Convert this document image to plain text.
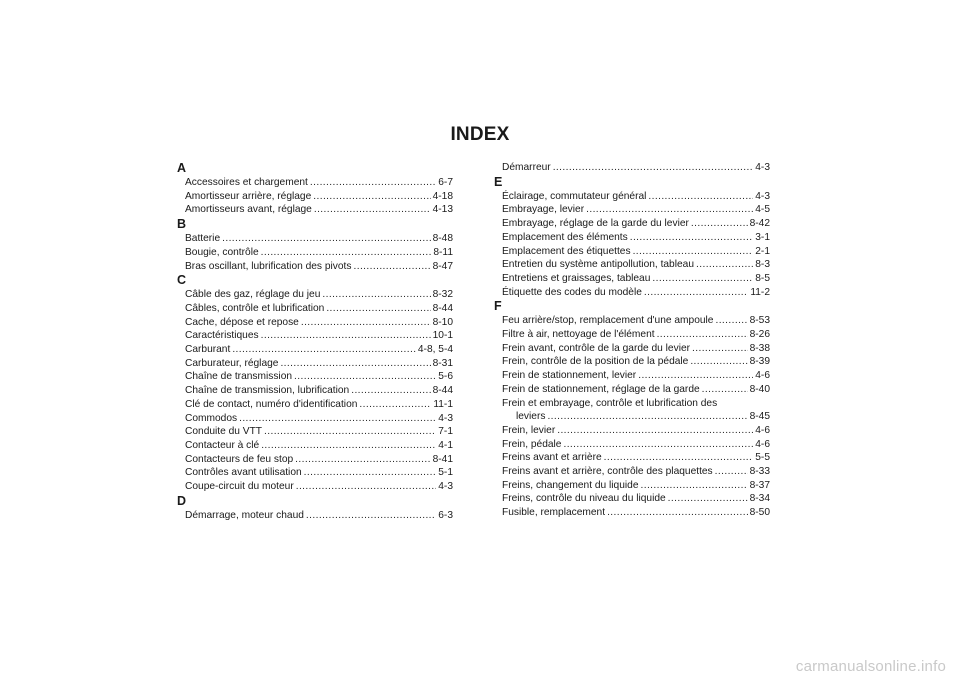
INDEX
A
Accessoires et chargement .....	6-7
Amortisseur arrière, réglage .....	4-18
Amortisseurs avant, réglage .....	4-13
B
Batterie .....	8-48
Bougie, contrôle .....	8-11
Bras oscillant, lubrification des pivots .....	8-47
C
Câble des gaz, réglage du jeu .....	8-32
Câbles, contrôle et lubrification .....	8-44
Cache, dépose et repose .....	8-10
Caractéristiques .....	10-1
Carburant .....	4-8, 5-4
Carburateur, réglage .....	8-31
Chaîne de transmission .....	5-6
Chaîne de transmission, lubrification .....	8-44
Clé de contact, numéro d'identification .....	11-1
Commodos .....	4-3
Conduite du VTT .....	7-1
Contacteur à clé .....	4-1
Contacteurs de feu stop .....	8-41
Contrôles avant utilisation .....	5-1
Coupe-circuit du moteur .....	4-3
D
Démarrage, moteur chaud .....	6-3
Démarreur .....	4-3
E
Éclairage, commutateur général .....	4-3
Embrayage, levier .....	4-5
Embrayage, réglage de la garde du levier .....	8-42
Emplacement des éléments .....	3-1
Emplacement des étiquettes .....	2-1
Entretien du système antipollution, tableau .....	8-3
Entretiens et graissages, tableau .....	8-5
Étiquette des codes du modèle .....	11-2
F
Feu arrière/stop, remplacement d'une ampoule .....	8-53
Filtre à air, nettoyage de l'élément .....	8-26
Frein avant, contrôle de la garde du levier .....	8-38
Frein, contrôle de la position de la pédale .....	8-39
Frein de stationnement, levier .....	4-6
Frein de stationnement, réglage de la garde .....	8-40
Frein et embrayage, contrôle et lubrification des
leviers .....	8-45
Frein, levier .....	4-6
Frein, pédale .....	4-6
Freins avant et arrière .....	5-5
Freins avant et arrière, contrôle des plaquettes .....	8-33
Freins, changement du liquide .....	8-37
Freins, contrôle du niveau du liquide .....	8-34
Fusible, remplacement .....	8-50
carmanualsonline.info
